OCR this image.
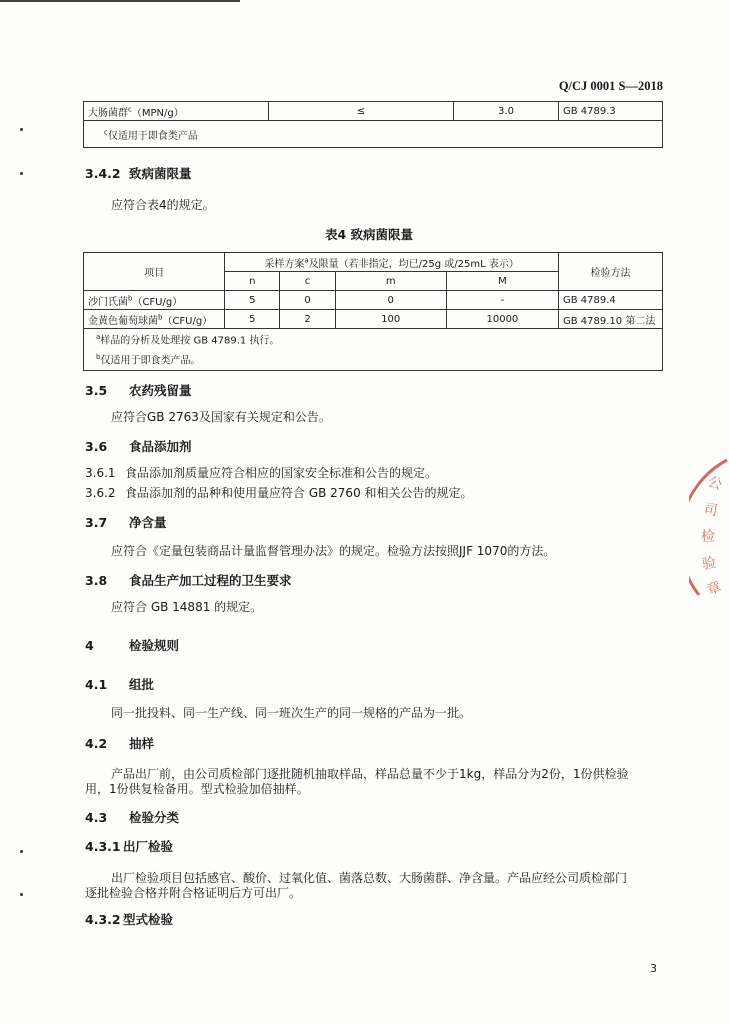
Q/CJ 0001 S—2018
大肠菌群$^c$（MPN/g）	≤	3.0	GB 4789.3
$^c$仅适用于即食类产品
3.4.2 致病菌限量
应符合表4的规定。
表4 致病菌限量
项目	采样方案$^a$及限量（若非指定，均已/25g 或/25mL 表示）				检验方法
	n	c	m	M	
沙门氏菌$^b$（CFU/g）	5	0	0	-	GB 4789.4
金黄色葡萄球菌$^b$（CFU/g）	5	2	100	10000	GB 4789.10 第二法

$^a$样品的分析及处理按 GB 4789.1 执行。
$^b$仅适用于即食类产品。					
3.5 农药残留量
应符合GB 2763及国家有关规定和公告。
3.6 食品添加剂
3.6.1 食品添加剂质量应符合相应的国家安全标准和公告的规定。
3.6.2 食品添加剂的品种和使用量应符合 GB 2760 和相关公告的规定。
3.7 净含量
应符合《定量包装商品计量监督管理办法》的规定。检验方法按照JJF 1070的方法。
3.8 食品生产加工过程的卫生要求
应符合 GB 14881 的规定。
4	检验规则
4.1 组批
同一批投料、同一生产线、同一班次生产的同一规格的产品为一批。
4.2 抽样
产品出厂前，由公司质检部门逐批随机抽取样品，样品总量不少于1kg，样品分为2份，1份供检验
用，1份供复检备用。型式检验加倍抽样。
4.3 检验分类
4.3.1 出厂检验
出厂检验项目包括感官、酸价、过氧化值、菌落总数、大肠菌群、净含量。产品应经公司质检部门
逐批检验合格并附合格证明后方可出厂。
4.3.2 型式检验
3
公
司
检
验
章
